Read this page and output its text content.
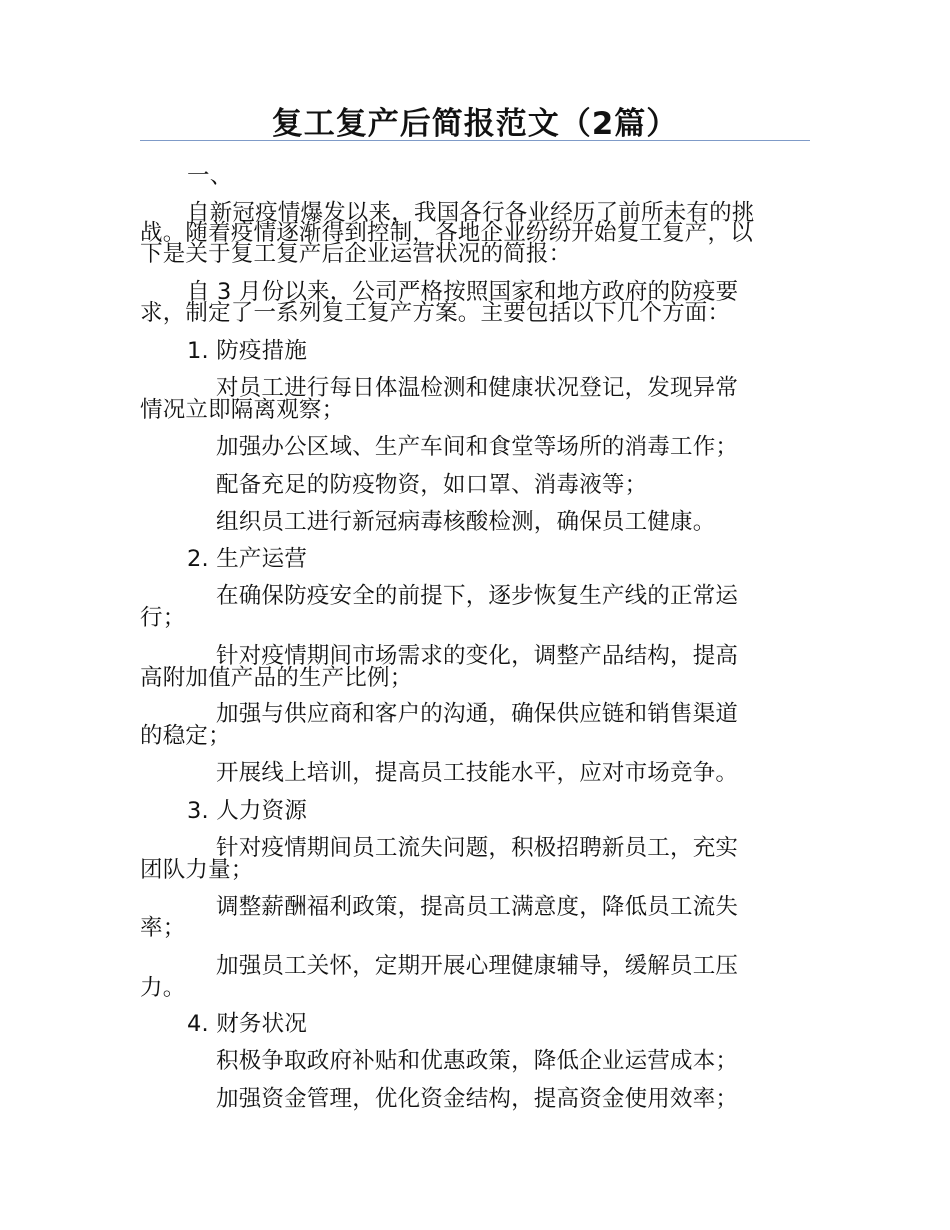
复工复产后简报范文（2篇）
一、
自新冠疫情爆发以来，我国各行各业经历了前所未有的挑
战。随着疫情逐渐得到控制，各地企业纷纷开始复工复产，以
下是关于复工复产后企业运营状况的简报：
自 3 月份以来，公司严格按照国家和地方政府的防疫要
求，制定了一系列复工复产方案。主要包括以下几个方面：
1. 防疫措施
对员工进行每日体温检测和健康状况登记，发现异常
情况立即隔离观察；
加强办公区域、生产车间和食堂等场所的消毒工作；
配备充足的防疫物资，如口罩、消毒液等；
组织员工进行新冠病毒核酸检测，确保员工健康。
2. 生产运营
在确保防疫安全的前提下，逐步恢复生产线的正常运
行；
针对疫情期间市场需求的变化，调整产品结构，提高
高附加值产品的生产比例；
加强与供应商和客户的沟通，确保供应链和销售渠道
的稳定；
开展线上培训，提高员工技能水平，应对市场竞争。
3. 人力资源
针对疫情期间员工流失问题，积极招聘新员工，充实
团队力量；
调整薪酬福利政策，提高员工满意度，降低员工流失
率；
加强员工关怀，定期开展心理健康辅导，缓解员工压
力。
4. 财务状况
积极争取政府补贴和优惠政策，降低企业运营成本；
加强资金管理，优化资金结构，提高资金使用效率；
